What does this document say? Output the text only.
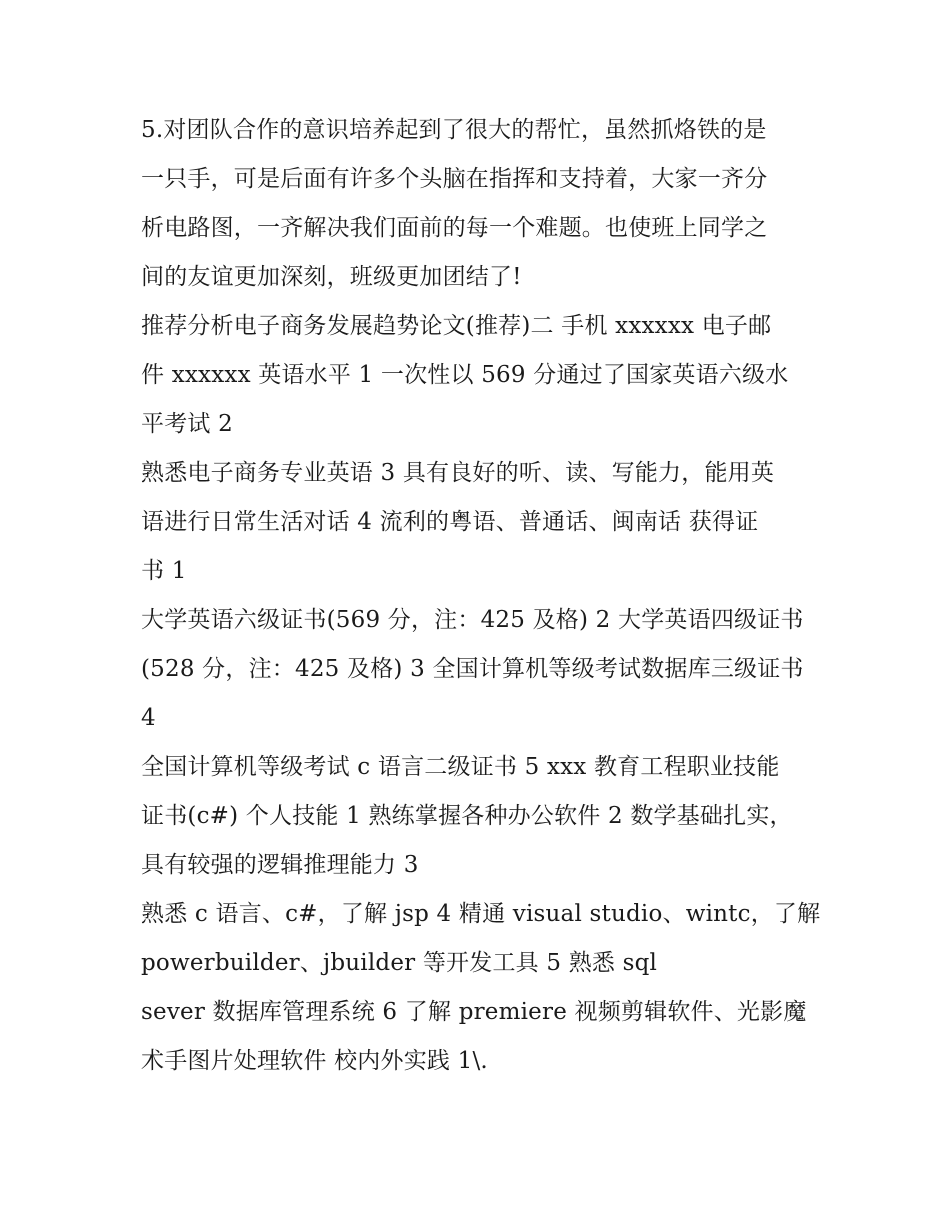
5.对团队合作的意识培养起到了很大的帮忙，虽然抓烙铁的是
一只手，可是后面有许多个头脑在指挥和支持着，大家一齐分
析电路图，一齐解决我们面前的每一个难题。也使班上同学之
间的友谊更加深刻，班级更加团结了!
推荐分析电子商务发展趋势论文(推荐)二 手机 xxxxxx 电子邮
件 xxxxxx 英语水平 1 一次性以 569 分通过了国家英语六级水
平考试 2
熟悉电子商务专业英语 3 具有良好的听、读、写能力，能用英
语进行日常生活对话 4 流利的粤语、普通话、闽南话 获得证
书 1
大学英语六级证书(569 分，注：425 及格) 2 大学英语四级证书
(528 分，注：425 及格) 3 全国计算机等级考试数据库三级证书
4
全国计算机等级考试 c 语言二级证书 5 xxx 教育工程职业技能
证书(c#) 个人技能 1 熟练掌握各种办公软件 2 数学基础扎实，
具有较强的逻辑推理能力 3
熟悉 c 语言、c#，了解 jsp 4 精通 visual studio、wintc，了解
powerbuilder、jbuilder 等开发工具 5 熟悉 sql
sever 数据库管理系统 6 了解 premiere 视频剪辑软件、光影魔
术手图片处理软件 校内外实践 1\.
